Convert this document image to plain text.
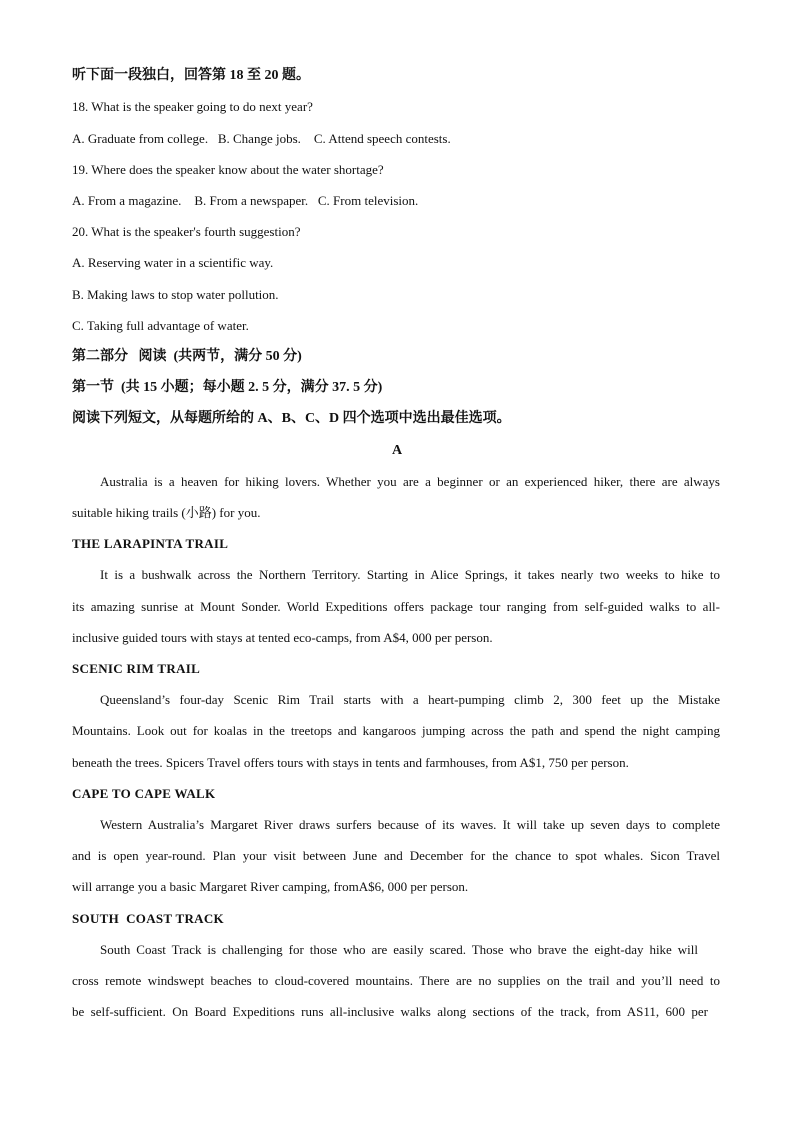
听下面一段独白，回答第 18 至 20 题。
18. What is the speaker going to do next year?
A. Graduate from college.   B. Change jobs.    C. Attend speech contests.
19. Where does the speaker know about the water shortage?
A. From a magazine.    B. From a newspaper.   C. From television.
20. What is the speaker's fourth suggestion?
A. Reserving water in a scientific way.
B. Making laws to stop water pollution.
C. Taking full advantage of water.
第二部分   阅读  (共两节，满分 50 分)
第一节  (共 15 小题；每小题 2. 5 分，满分 37. 5 分)
阅读下列短文，从每题所给的 A、B、C、D 四个选项中选出最佳选项。
A
Australia is a heaven for hiking lovers. Whether you are a beginner or an experienced hiker, there are always
suitable hiking trails (小路) for you.
THE LARAPINTA TRAIL
It is a bushwalk across the Northern Territory. Starting in Alice Springs, it takes nearly two weeks to hike to
its amazing sunrise at Mount Sonder. World Expeditions offers package tour ranging from self-guided walks to all-
inclusive guided tours with stays at tented eco-camps, from A$4, 000 per person.
SCENIC RIM TRAIL
Queensland’s four-day Scenic Rim Trail starts with a heart-pumping climb 2, 300 feet up the Mistake
Mountains. Look out for koalas in the treetops and kangaroos jumping across the path and spend the night camping
beneath the trees. Spicers Travel offers tours with stays in tents and farmhouses, from A$1, 750 per person.
CAPE TO CAPE WALK
Western Australia’s Margaret River draws surfers because of its waves. It will take up seven days to complete
and is open year-round. Plan your visit between June and December for the chance to spot whales. Sicon Travel
will arrange you a basic Margaret River camping, fromA$6, 000 per person.
SOUTH  COAST TRACK
South Coast Track is challenging for those who are easily scared. Those who brave the eight-day hike will
cross remote windswept beaches to cloud-covered mountains. There are no supplies on the trail and you’ll need to
be self-sufficient. On Board Expeditions runs all-inclusive walks along sections of the track, from AS11, 600 per
